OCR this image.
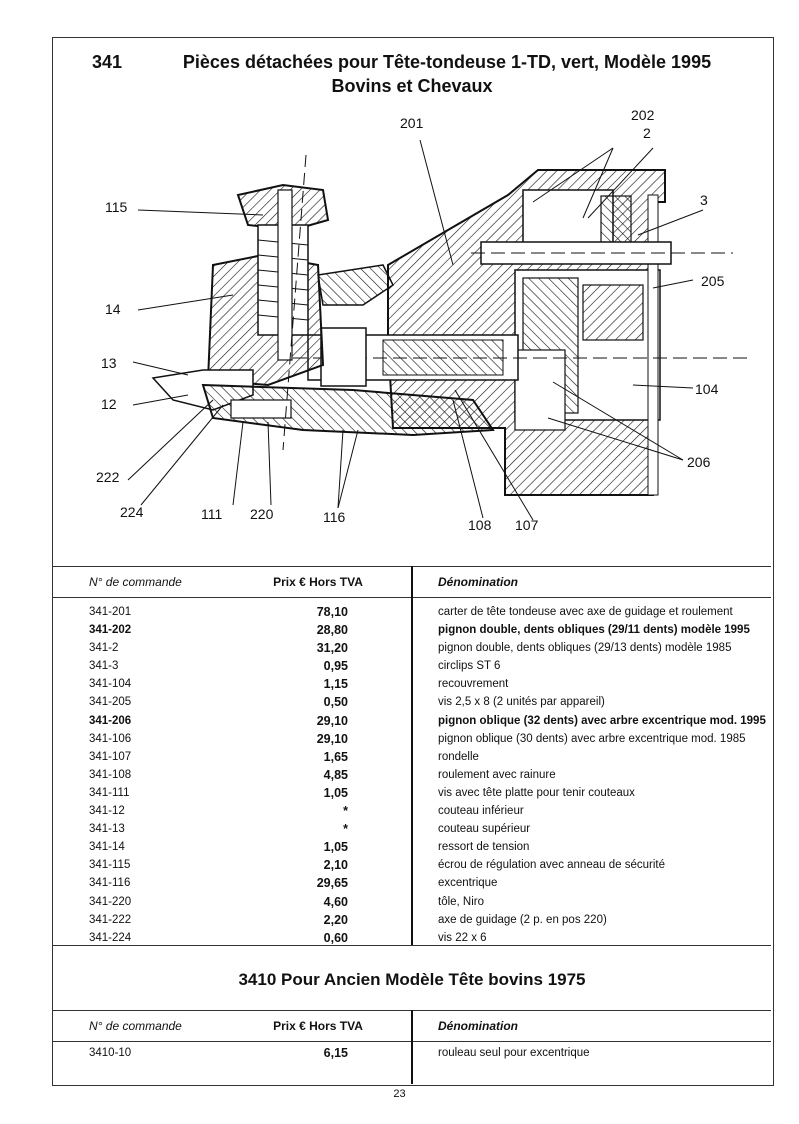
341	Pièces détachées pour Tête-tondeuse 1-TD, vert, Modèle 1995
Bovins et Chevaux
201	202
2
3
115
14
205
13
12
104
206
222
224	111 220	116	108 107
N° de commande	Prix € Hors TVA	Dénomination
341-201	78,10	carter de tête tondeuse avec axe de guidage et roulement
341-202	28,80	pignon double, dents obliques (29/11 dents) modèle 1995
341-2	31,20	pignon double, dents obliques (29/13 dents) modèle 1985
341-3	0,95	circlips ST 6
341-104	1,15	recouvrement
341-205	0,50	vis 2,5 x 8 (2 unités par appareil)
341-206	29,10	pignon oblique (32 dents) avec arbre excentrique mod. 1995
341-106	29,10	pignon oblique (30 dents) avec arbre excentrique mod. 1985
341-107	1,65	rondelle
341-108	4,85	roulement avec rainure
341-111	1,05	vis avec tête platte pour tenir couteaux
341-12	*	couteau inférieur
341-13	*	couteau supérieur
341-14	1,05	ressort de tension
341-115	2,10	écrou de régulation avec anneau de sécurité
341-116	29,65	excentrique
341-220	4,60	tôle, Niro
341-222	2,20	axe de guidage (2 p. en pos 220)
341-224	0,60	vis 22 x 6
3410 Pour Ancien Modèle Tête bovins 1975
N° de commande	Prix € Hors TVA	Dénomination
3410-10	6,15	rouleau seul pour excentrique
23
